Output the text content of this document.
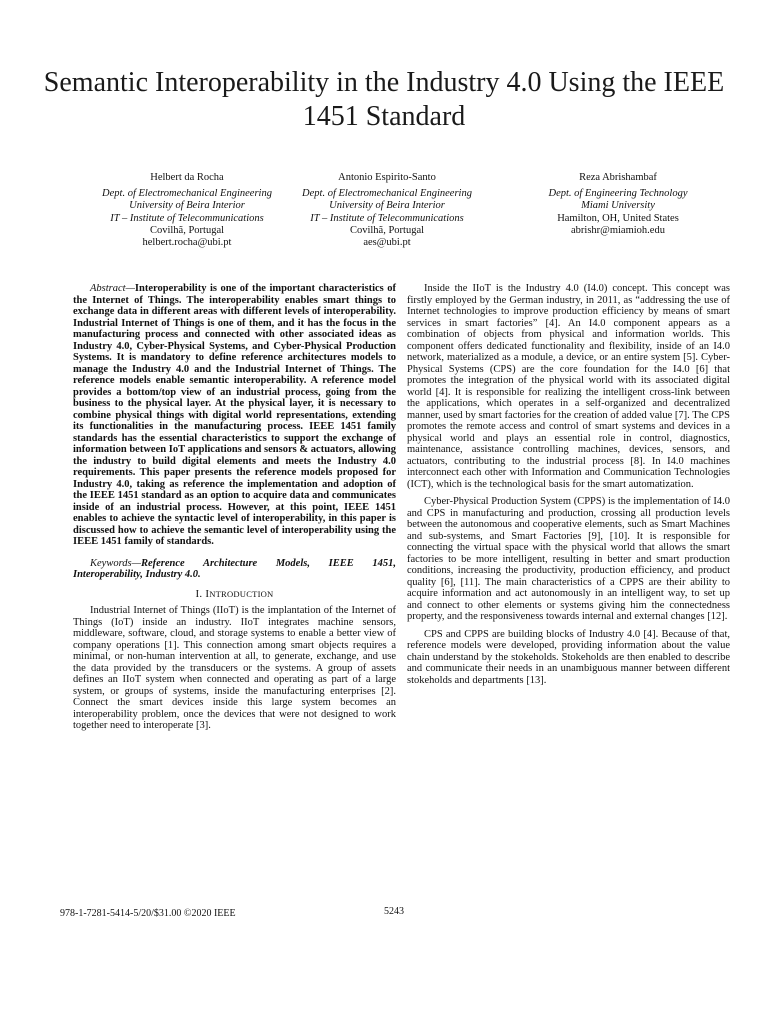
Semantic Interoperability in the Industry 4.0 Using the IEEE 1451 Standard
Helbert da Rocha
Dept. of Electromechanical Engineering
University of Beira Interior
IT – Institute of Telecommunications
Covilhã, Portugal
helbert.rocha@ubi.pt
Antonio Espirito-Santo
Dept. of Electromechanical Engineering
University of Beira Interior
IT – Institute of Telecommunications
Covilhã, Portugal
aes@ubi.pt
Reza Abrishambaf
Dept. of Engineering Technology
Miami University
Hamilton, OH, United States
abrishr@miamioh.edu

Abstract—Interoperability is one of the important characteristics of the Internet of Things. The interoperability enables smart things to exchange data in different areas with different levels of interoperability. Industrial Internet of Things is one of them, and it has the focus in the manufacturing process and connected with other associated ideas as Industry 4.0, Cyber-Physical Systems, and Cyber-Physical Production Systems. It is mandatory to define reference architectures models to manage the Industry 4.0 and the Industrial Internet of Things. The reference models enable semantic interoperability. A reference model provides a bottom/top view of an industrial process, going from the business to the physical layer. At the physical layer, it is necessary to combine physical things with digital world representations, extending its functionalities in the manufacturing process. IEEE 1451 family standards has the essential characteristics to support the exchange of information between IoT applications and sensors & actuators, allowing the industry to build digital elements and meets the Industry 4.0 requirements. This paper presents the reference models proposed for Industry 4.0, taking as reference the implementation and adoption of the IEEE 1451 standard as an option to acquire data and communicates inside of an industrial process. However, at this point, IEEE 1451 enables to achieve the syntactic level of interoperability, in this paper is discussed how to achieve the semantic level of interoperability using the IEEE 1451 family of standards.

Keywords—Reference Architecture Models, IEEE 1451, Interoperability, Industry 4.0.

I. INTRODUCTION

Industrial Internet of Things (IIoT) is the implantation of the Internet of Things (IoT) inside an industry. IIoT integrates machine sensors, middleware, software, cloud, and storage systems to enable a better view of company operations [1]. This connection among smart objects requires a minimal, or non-human intervention at all, to generate, exchange, and use the data provided by the transducers or the systems. A group of assets defines an IIoT system when connected and operating as part of a large system, or groups of systems, inside the manufacturing enterprises [2]. Connect the smart devices inside this large system becomes an interoperability problem, once the devices that were not designed to work together need to interoperate [3].

Inside the IIoT is the Industry 4.0 (I4.0) concept. This concept was firstly employed by the German industry, in 2011, as “addressing the use of Internet technologies to improve production efficiency by means of smart services in smart factories” [4]. An I4.0 component appears as a combination of objects from physical and information worlds. This component offers dedicated functionality and flexibility, inside of an I4.0 network, materialized as a module, a device, or an entire system [5]. Cyber-Physical Systems (CPS) are the core foundation for the I4.0 [6] that promotes the integration of the physical world with its associated digital world [4]. It is responsible for realizing the intelligent cross-link between the applications, which operates in a self-organized and decentralized manner, used by smart factories for the creation of added value [7]. The CPS promotes the remote access and control of smart systems and devices in a physical world and plays an essential role in control, diagnostics, maintenance, assistance controlling machines, devices, sensors, and actuators, contributing to the industrial process [8]. In I4.0 machines interconnect each other with Information and Communication Technologies (ICT), which is the technological basis for the smart automatization.

Cyber-Physical Production System (CPPS) is the implementation of I4.0 and CPS in manufacturing and production, crossing all production levels between the autonomous and cooperative elements, such as Smart Machines and sub-systems, and Smart Factories [9], [10]. It is responsible for connecting the virtual space with the physical world that allows the smart factories to be more intelligent, resulting in better and smart production conditions, increasing the productivity, production efficiency, and product quality [6], [11]. The main characteristics of a CPPS are their ability to acquire information and act autonomously in an intelligent way, to set up and connect to other elements or systems giving him the connectedness property, and the responsiveness towards internal and external changes [12].

CPS and CPPS are building blocks of Industry 4.0 [4]. Because of that, reference models were developed, providing information about the value chain understand by the stokeholds. Stokeholds are then enabled to describe and communicate their needs in an unambiguous manner between different stokeholds and departments [13].

978-1-7281-5414-5/20/$31.00 ©2020 IEEE	5243
